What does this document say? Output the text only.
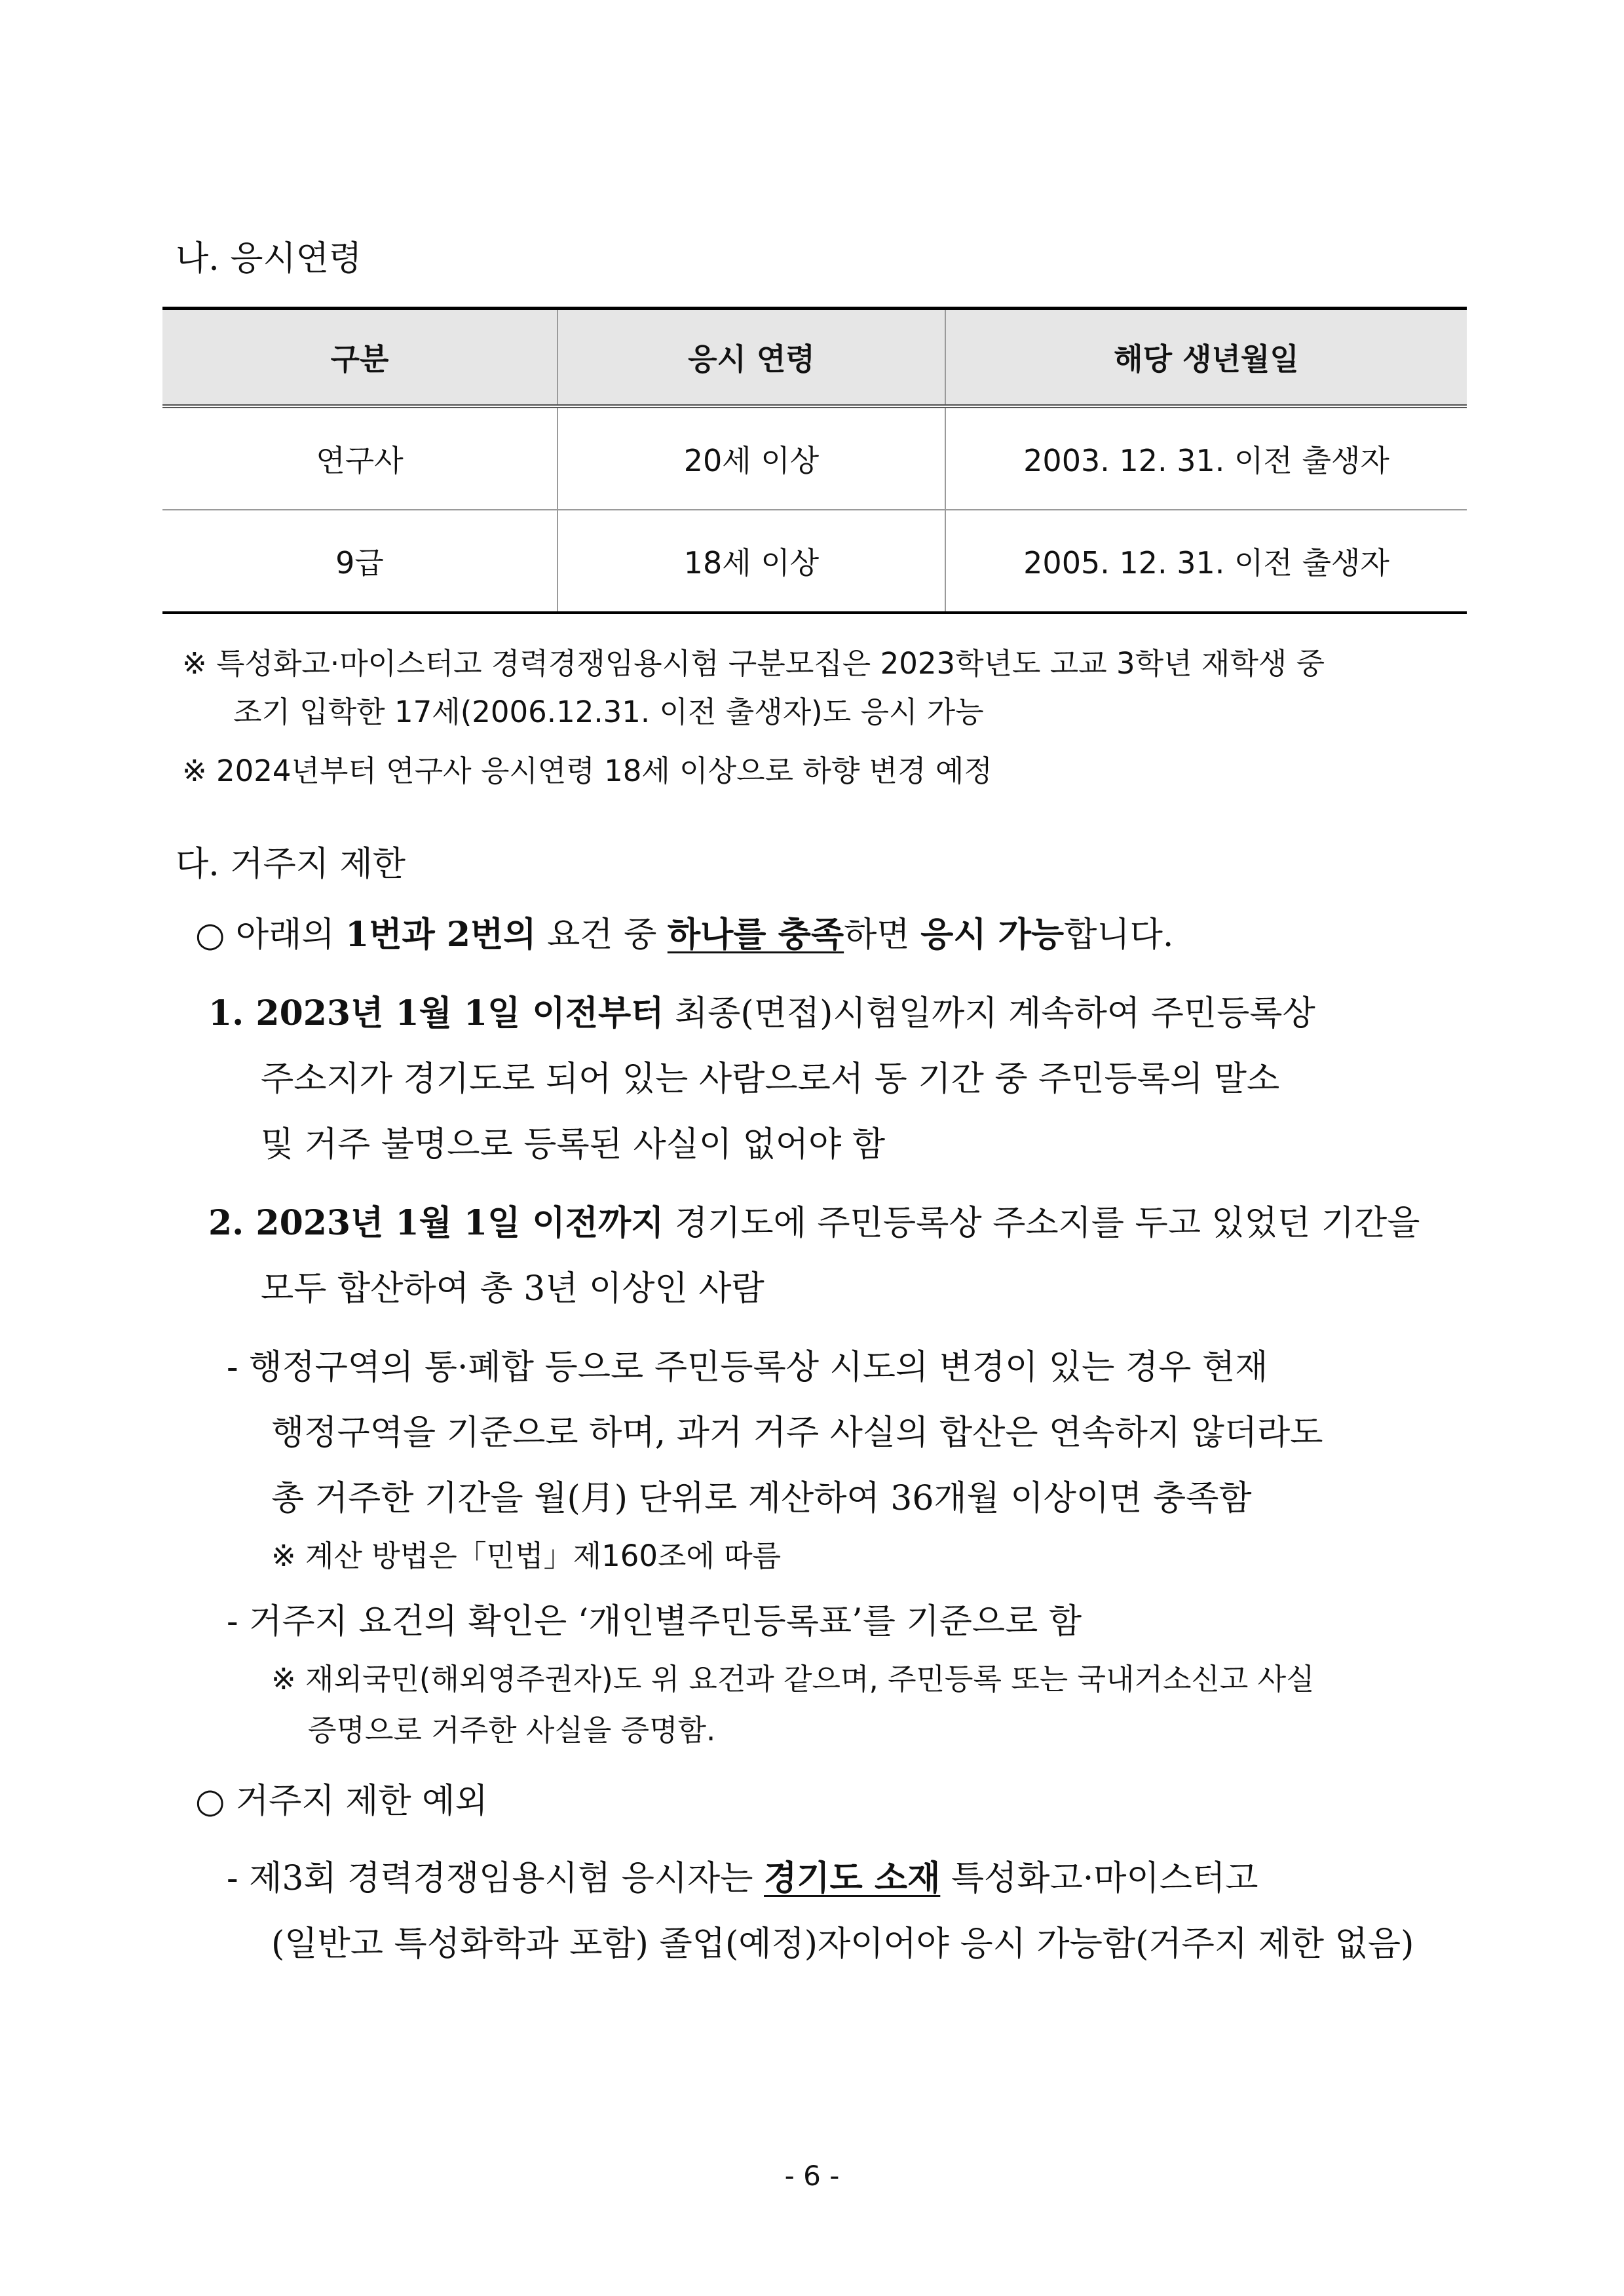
나. 응시연령
구분	응시 연령	해당 생년월일
연구사	20세 이상	2003. 12. 31. 이전 출생자
9급	18세 이상	2005. 12. 31. 이전 출생자
※ 특성화고·마이스터고 경력경쟁임용시험 구분모집은 2023학년도 고교 3학년 재학생 중
조기 입학한 17세(2006.12.31. 이전 출생자)도 응시 가능
※ 2024년부터 연구사 응시연령 18세 이상으로 하향 변경 예정
다. 거주지 제한
○ 아래의 1번과 2번의 요건 중 하나를 충족하면 응시 가능합니다.
1. 2023년 1월 1일 이전부터 최종(면접)시험일까지 계속하여 주민등록상
주소지가 경기도로 되어 있는 사람으로서 동 기간 중 주민등록의 말소
및 거주 불명으로 등록된 사실이 없어야 함
2. 2023년 1월 1일 이전까지 경기도에 주민등록상 주소지를 두고 있었던 기간을
모두 합산하여 총 3년 이상인 사람
- 행정구역의 통·폐합 등으로 주민등록상 시도의 변경이 있는 경우 현재
행정구역을 기준으로 하며, 과거 거주 사실의 합산은 연속하지 않더라도
총 거주한 기간을 월(月) 단위로 계산하여 36개월 이상이면 충족함
※ 계산 방법은「민법」제160조에 따름
- 거주지 요건의 확인은 ‘개인별주민등록표’를 기준으로 함
※ 재외국민(해외영주권자)도 위 요건과 같으며, 주민등록 또는 국내거소신고 사실
증명으로 거주한 사실을 증명함.
○ 거주지 제한 예외
- 제3회 경력경쟁임용시험 응시자는 경기도 소재 특성화고·마이스터고
(일반고 특성화학과 포함) 졸업(예정)자이어야 응시 가능함(거주지 제한 없음)
- 6 -
